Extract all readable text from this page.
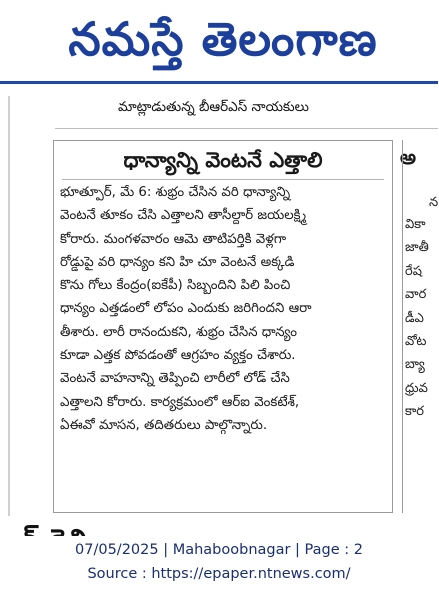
నమస్తే తెలంగాణ
మాట్లాడుతున్న బీఆర్ఎస్ నాయకులు
ధాన్యాన్ని వెంటనే ఎత్తాలి
భూత్పూర్, మే 6: శుభ్రం చేసిన వరి ధాన్యాన్ని
వెంటనే తూకం చేసి ఎత్తాలని తాసీల్దార్ జయలక్ష్మి
కోరారు. మంగళవారం ఆమె తాటిపర్తికి వెళ్లగా
రోడ్డుపై వరి ధాన్యం కని హి చూ వెంటనే అక్కడి
కొను గోలు కేంద్రం(ఐకేపీ) సిబ్బందిని పిలి పించి
ధాన్యం ఎత్తడంలో లోపం ఎందుకు జరిగిందని ఆరా
తీశారు. లారీ రానందుకని, శుభ్రం చేసిన ధాన్యం
కూడా ఎత్తక పోవడంతో ఆగ్రహం వ్యక్తం చేశారు.
వెంటనే వాహనాన్ని తెప్పించి లారీలో లోడ్ చేసి
ఎత్తాలని కోరారు. కార్యక్రమంలో ఆర్ఐ వెంకటేశ్,
ఏఈవో మాసన, తదితరులు పాల్గొన్నారు.
అ
న
వికా
జాతీ
రేష
వార
డీఎ
వోట
బ్యా
ధ్రువ
కార
07/05/2025 | Mahaboobnagar | Page : 2
Source : https://epaper.ntnews.com/
